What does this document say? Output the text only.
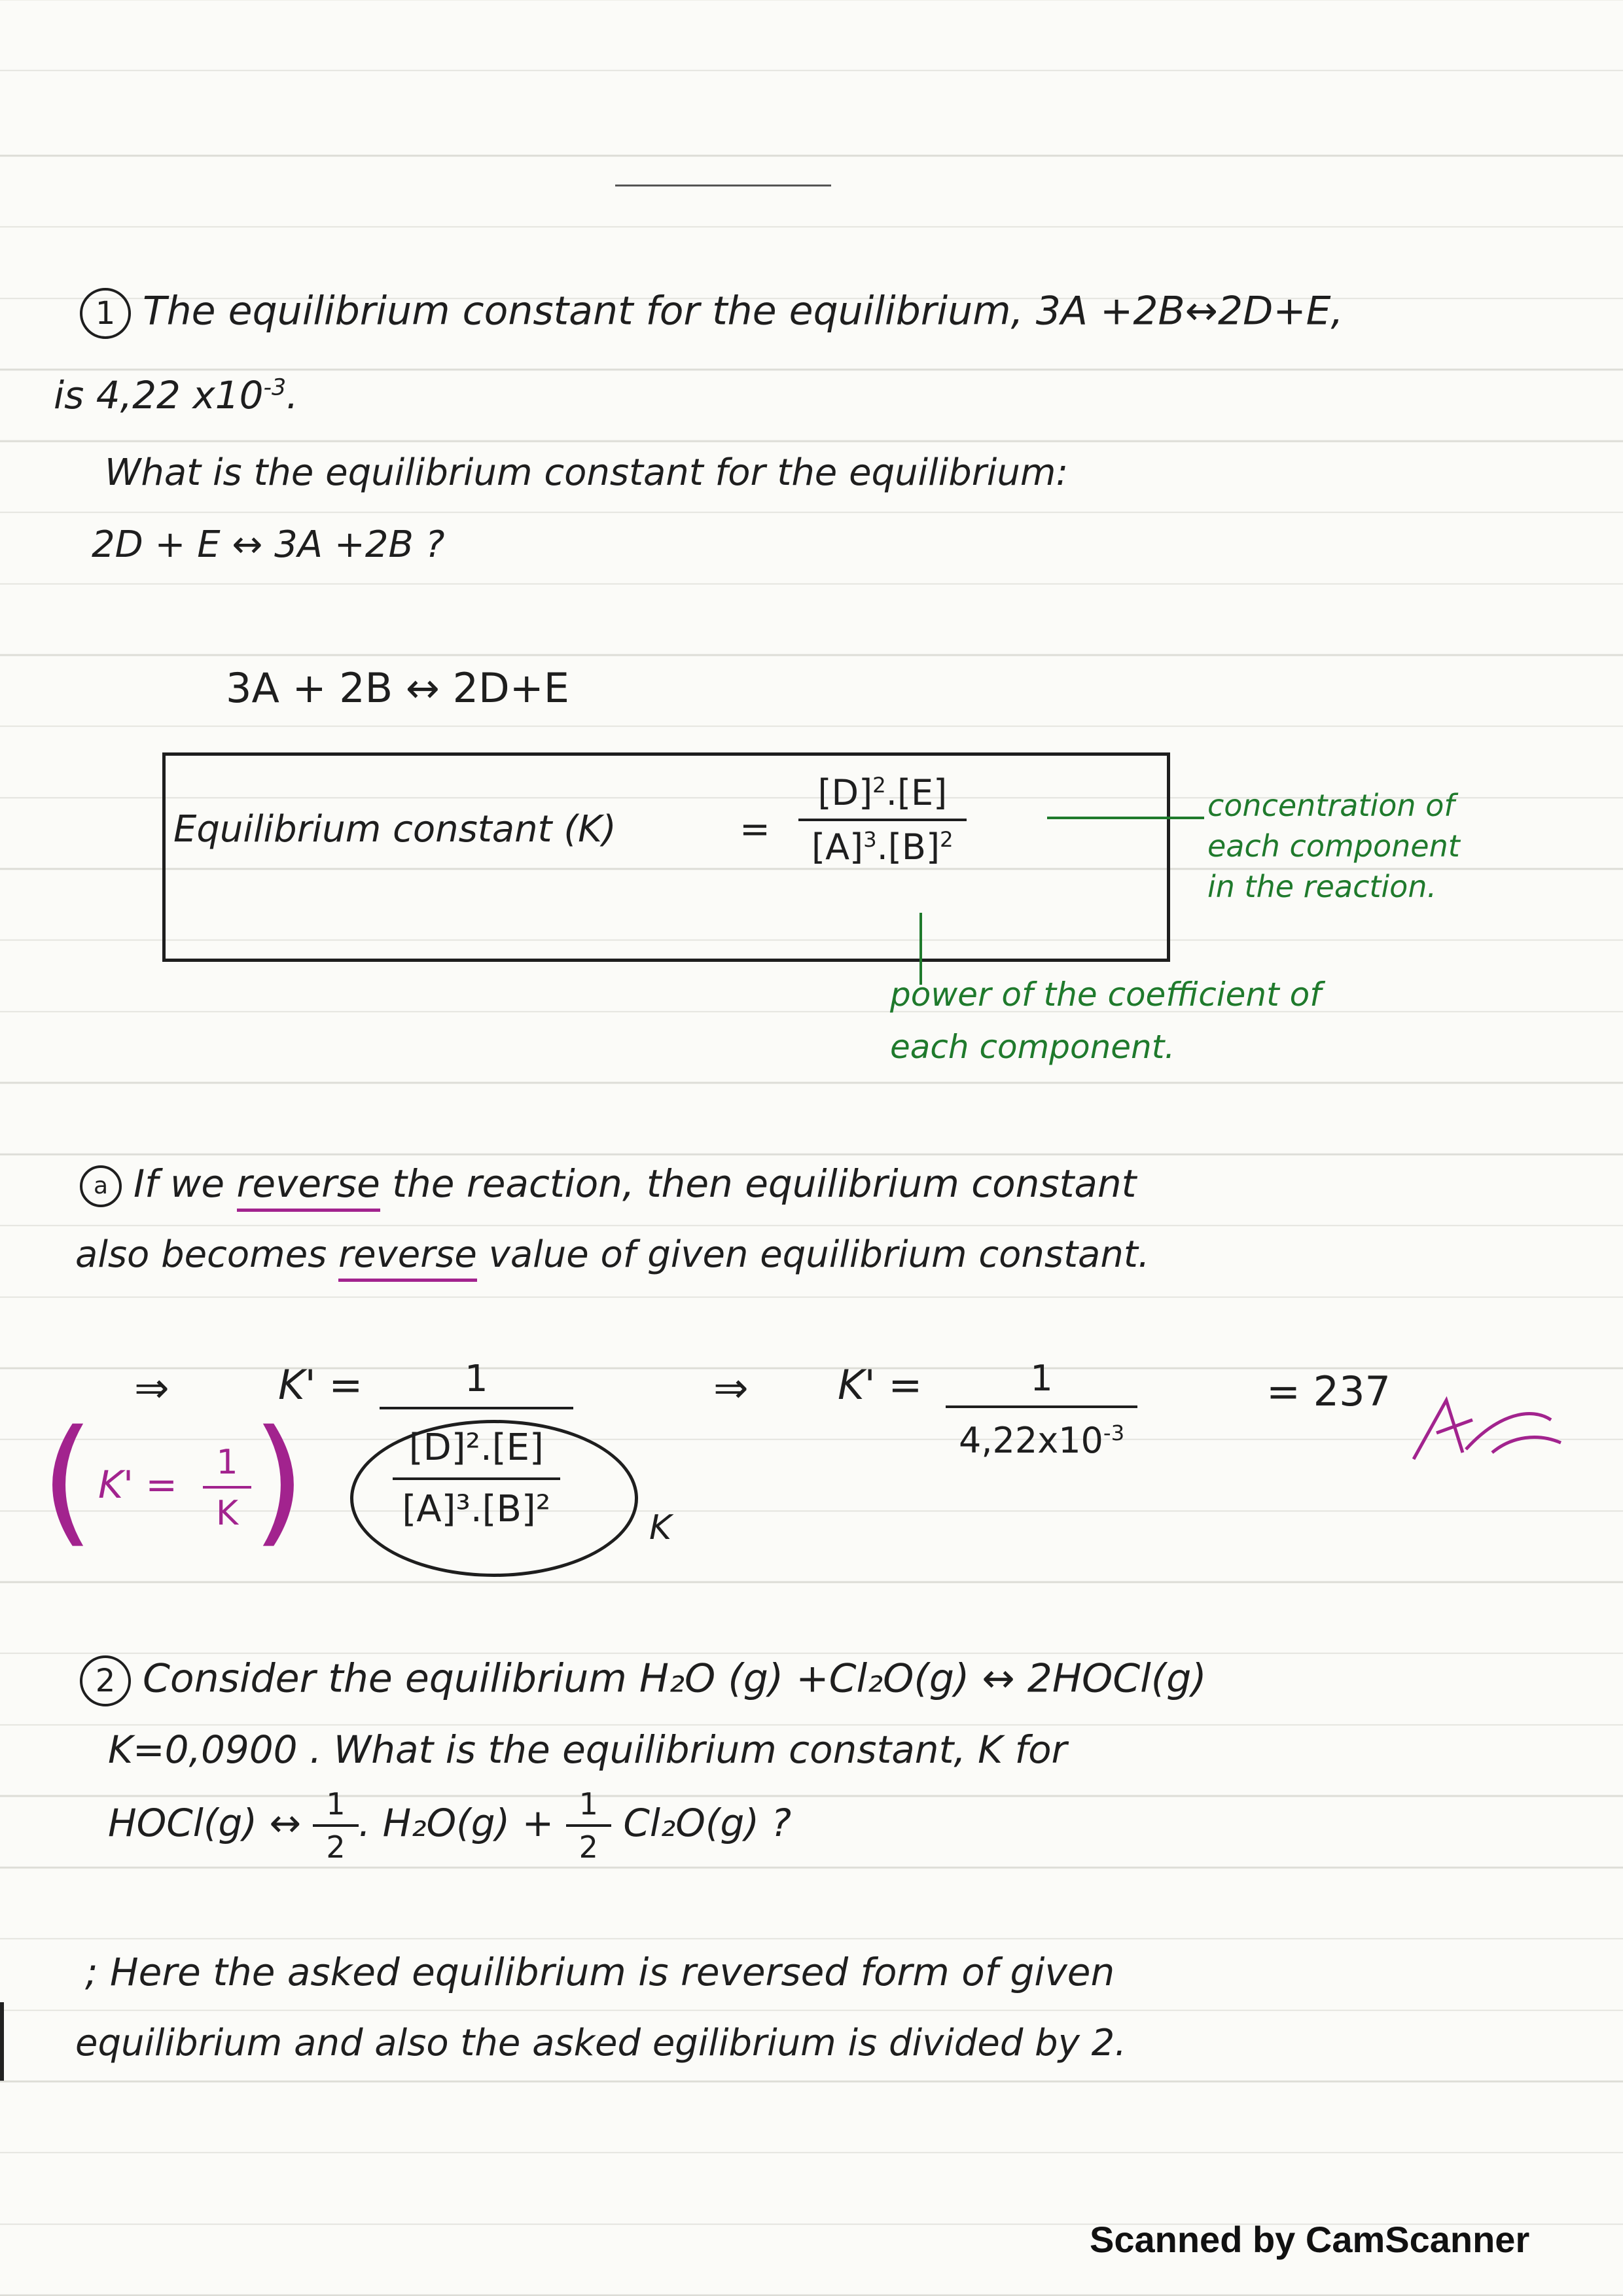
1 The equilibrium constant for the equilibrium, 3A +2B↔2D+E,
is 4,22 $x10^{-3}$.
What is the equilibrium constant for the equilibrium:
2D + E ↔ 3A +2B ?
3A + 2B ↔ 2D+E
Equilibrium constant (K)	= $\frac{[D]^2.[E]}{[A]^3.[B]^2}$	concentration of
each component
in the reaction.
power of the coefficient of
each component.
a If we reverse the reaction, then equilibrium constant
also becomes reverse value of given equilibrium constant.
⇒	K' = 1
[D]².[E]
[A]³.[B]² K
⇒ $K' = \frac{1}{4,22x10^{-3}}$	= 237
( $K' = \frac{1}{K}$ )
2 Consider the equilibrium H₂O (g) +Cl₂O(g) ↔ 2HOCl(g)
K=0,0900 . What is the equilibrium constant, K for
HOCl(g) ↔ $\frac{1}{2}$ . $H_2O(g) + \frac{1}{2} Cl_2O(g)$ ?
; Here the asked equilibrium is reversed form of given
equilibrium and also the asked egilibrium is divided by 2.
Scanned by CamScanner
